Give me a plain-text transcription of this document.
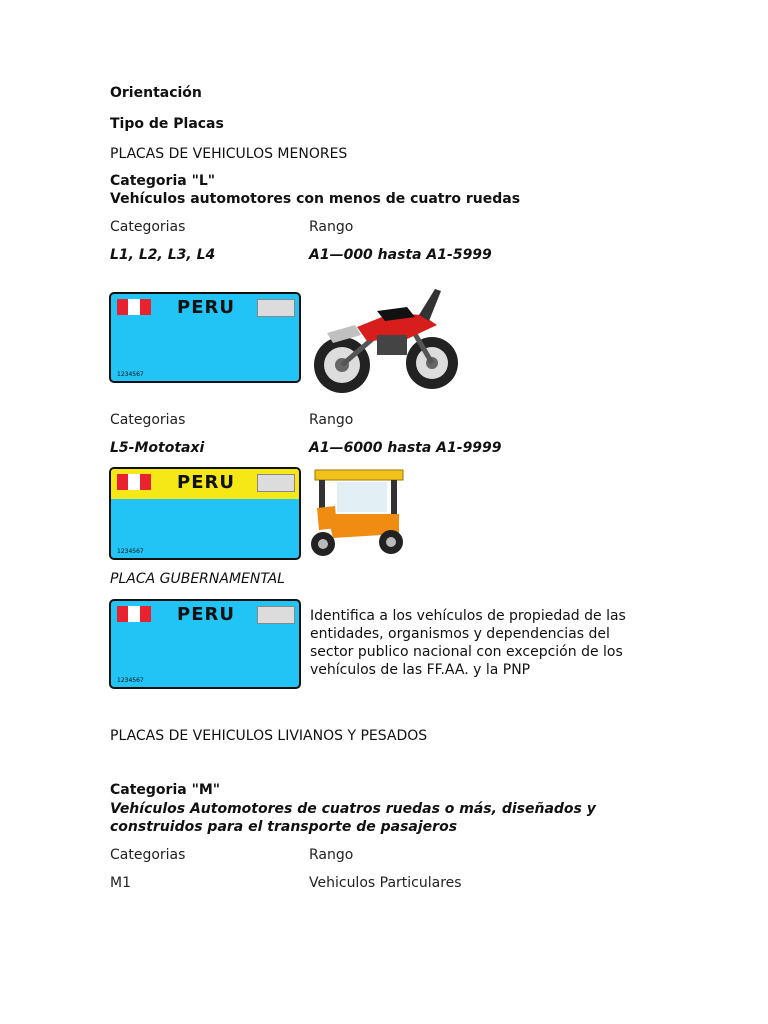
Orientación
Tipo de Placas
PLACAS DE VEHICULOS MENORES
Categoria "L"
Vehículos automotores con menos de cuatro ruedas
Categorias	Rango
L1, L2, L3, L4	A1—000 hasta A1-5999
PERU
1234567
Categorias	Rango
L5-Mototaxi	A1—6000 hasta A1-9999
PERU
1234567
PLACA GUBERNAMENTAL
PERU
1234567
Identifica a los vehículos de propiedad de las entidades, organismos y dependencias del sector publico nacional con excepción de los vehículos de las FF.AA. y la PNP
PLACAS DE VEHICULOS LIVIANOS Y PESADOS
Categoria "M"
Vehículos Automotores de cuatros ruedas o más, diseñados y
construidos para el transporte de pasajeros
Categorias	Rango
M1	Vehiculos Particulares
